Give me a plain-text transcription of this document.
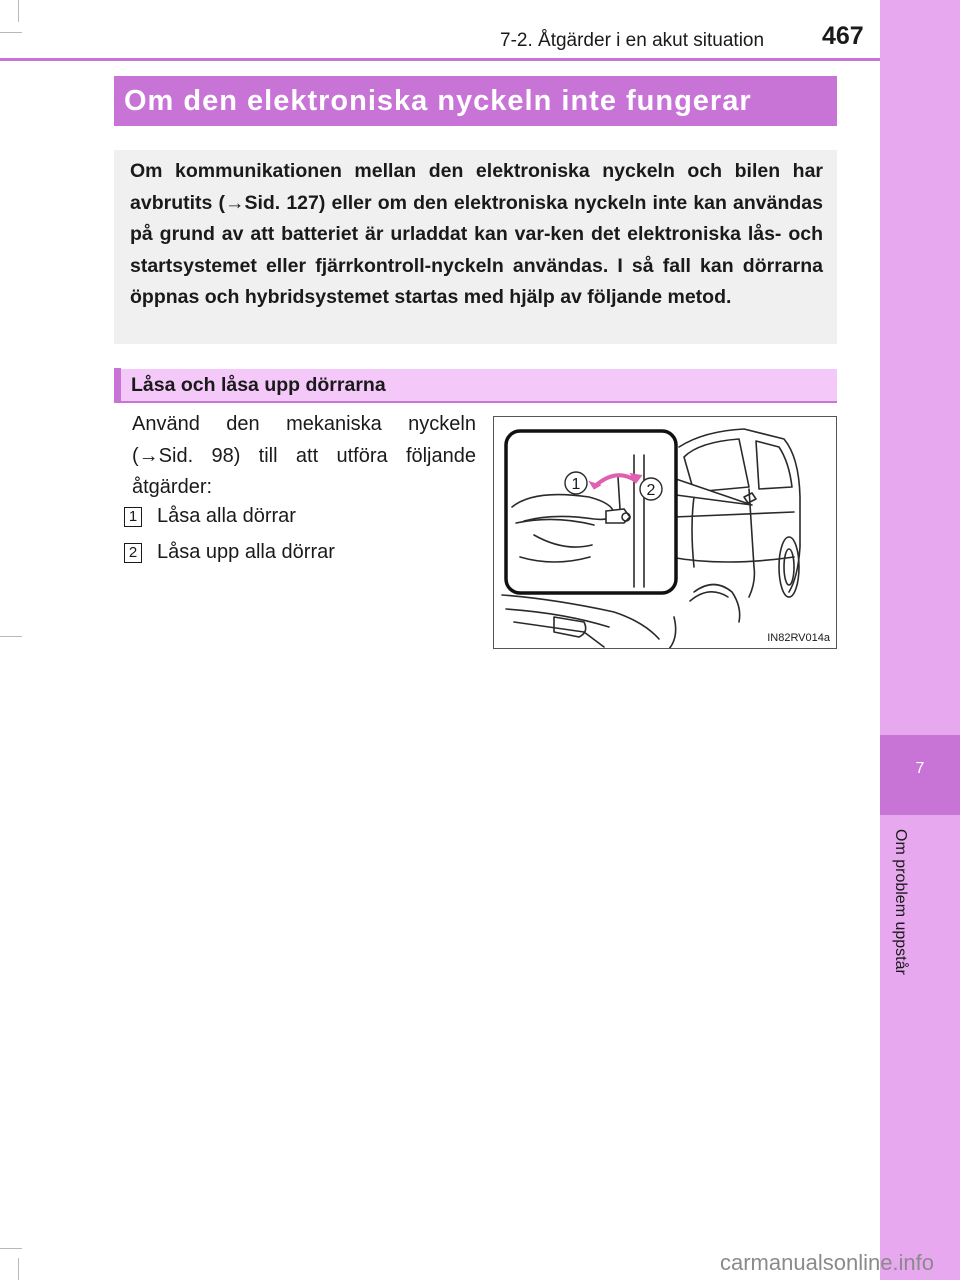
7
Om problem uppstår
7-2. Åtgärder i en akut situation 467
Om den elektroniska nyckeln inte fungerar

Om kommunikationen mellan den elektroniska nyckeln och bilen har avbrutits (→Sid. 127) eller om den elektroniska nyckeln inte kan användas på grund av att batteriet är urladdat kan var-ken det elektroniska lås- och startsystemet eller fjärrkontroll-nyckeln användas. I så fall kan dörrarna öppnas och hybridsystemet startas med hjälp av följande metod.

Låsa och låsa upp dörrarna
Använd den mekaniska nyckeln (→Sid. 98) till att utföra följande åtgärder:
1 Låsa alla dörrar
2 Låsa upp alla dörrar
1	2
IN82RV014a
carmanualsonline.info
